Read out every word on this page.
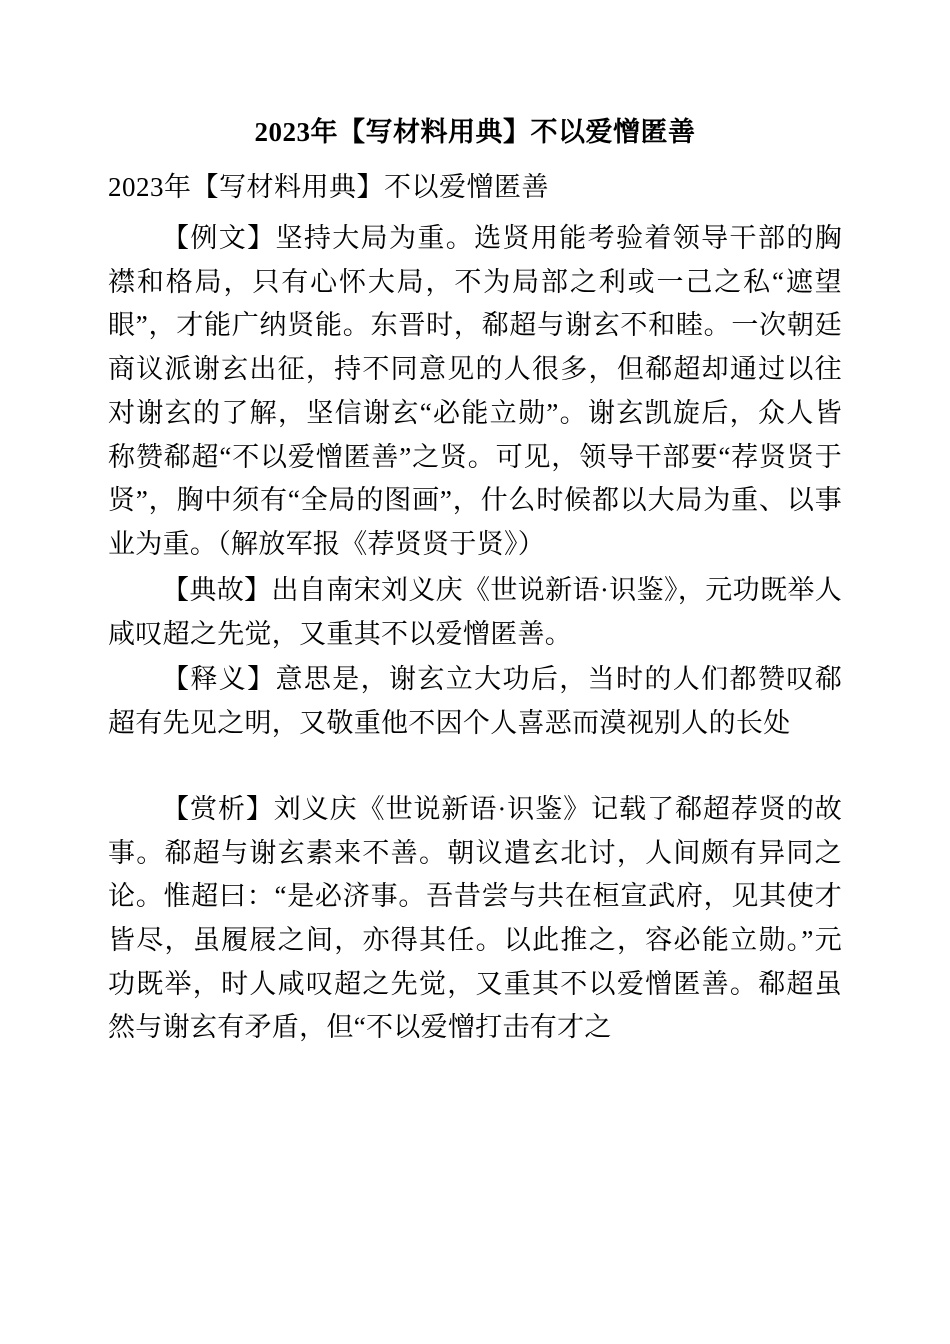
2023年【写材料用典】不以爱憎匿善
2023年【写材料用典】不以爱憎匿善

【例文】坚持大局为重。选贤用能考验着领导干部的胸襟和格局，只有心怀大局，不为局部之利或一己之私“遮望眼”，才能广纳贤能。东晋时，郗超与谢玄不和睦。一次朝廷商议派谢玄出征，持不同意见的人很多，但郗超却通过以往对谢玄的了解，坚信谢玄“必能立勋”。谢玄凯旋后，众人皆称赞郗超“不以爱憎匿善”之贤。可见，领导干部要“荐贤贤于贤”，胸中须有“全局的图画”，什么时候都以大局为重、以事业为重。（解放军报《荐贤贤于贤》）

【典故】出自南宋刘义庆《世说新语·识鉴》，元功既举人咸叹超之先觉，又重其不以爱憎匿善。

【释义】意思是，谢玄立大功后，当时的人们都赞叹郗超有先见之明，又敬重他不因个人喜恶而漠视别人的长处

【赏析】刘义庆《世说新语·识鉴》记载了郗超荐贤的故事。郗超与谢玄素来不善。朝议遣玄北讨，人间颇有异同之论。惟超曰：“是必济事。吾昔尝与共在桓宣武府，见其使才皆尽，虽履屐之间，亦得其任。以此推之，容必能立勋。”元功既举，时人咸叹超之先觉，又重其不以爱憎匿善。郗超虽然与谢玄有矛盾，但“不以爱憎打击有才之
